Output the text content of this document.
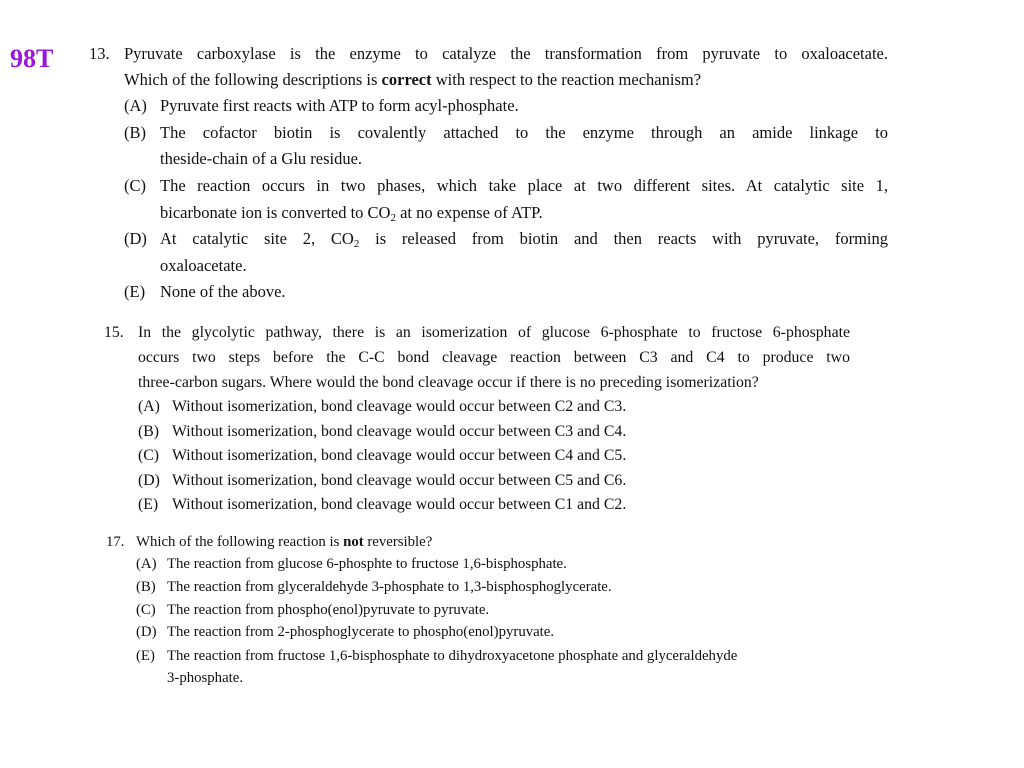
98T 13. Pyruvate carboxylase is the enzyme to catalyze the transformation from pyruvate to oxaloacetate.
Which of the following descriptions is correct with respect to the reaction mechanism?
(A) Pyruvate first reacts with ATP to form acyl-phosphate.
(B) The cofactor biotin is covalently attached to the enzyme through an amide linkage to
theside-chain of a Glu residue.
(C) The reaction occurs in two phases, which take place at two different sites. At catalytic site 1,
bicarbonate ion is converted to $CO_2$ at no expense of ATP.
(D) At catalytic site 2, $CO_2$ is released from biotin and then reacts with pyruvate, forming
oxaloacetate.
(E) None of the above.
15. In the glycolytic pathway, there is an isomerization of glucose 6-phosphate to fructose 6-phosphate
occurs two steps before the C-C bond cleavage reaction between C3 and C4 to produce two
three-carbon sugars. Where would the bond cleavage occur if there is no preceding isomerization?
(A) Without isomerization, bond cleavage would occur between C2 and C3.
(B) Without isomerization, bond cleavage would occur between C3 and C4.
(C) Without isomerization, bond cleavage would occur between C4 and C5.
(D) Without isomerization, bond cleavage would occur between C5 and C6.
(E) Without isomerization, bond cleavage would occur between C1 and C2.
17. Which of the following reaction is not reversible?
(A) The reaction from glucose 6-phosphte to fructose 1,6-bisphosphate.
(B) The reaction from glyceraldehyde 3-phosphate to 1,3-bisphosphoglycerate.
(C) The reaction from phospho(enol)pyruvate to pyruvate.
(D) The reaction from 2-phosphoglycerate to phospho(enol)pyruvate.
(E) The reaction from fructose 1,6-bisphosphate to dihydroxyacetone phosphate and glyceraldehyde
3-phosphate.
